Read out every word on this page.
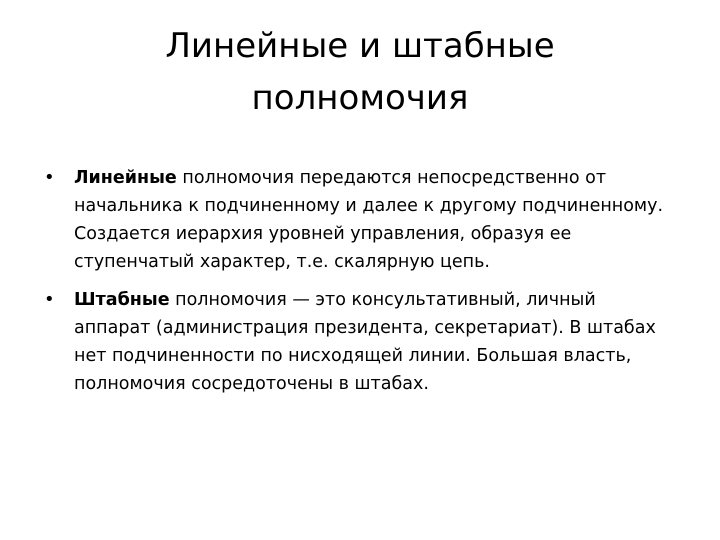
Линейные и штабные полномочия
•	Линейные полномочия передаются непосредственно от начальника к подчиненному и далее к другому подчиненному. Создается иерархия уровней управления, образуя ее ступенчатый характер, т.е. скалярную цепь.
•	Штабные полномочия — это консультативный, личный аппарат (администрация президента, секретариат). В штабах нет подчиненности по нисходящей линии. Большая власть, полномочия сосредоточены в штабах.
